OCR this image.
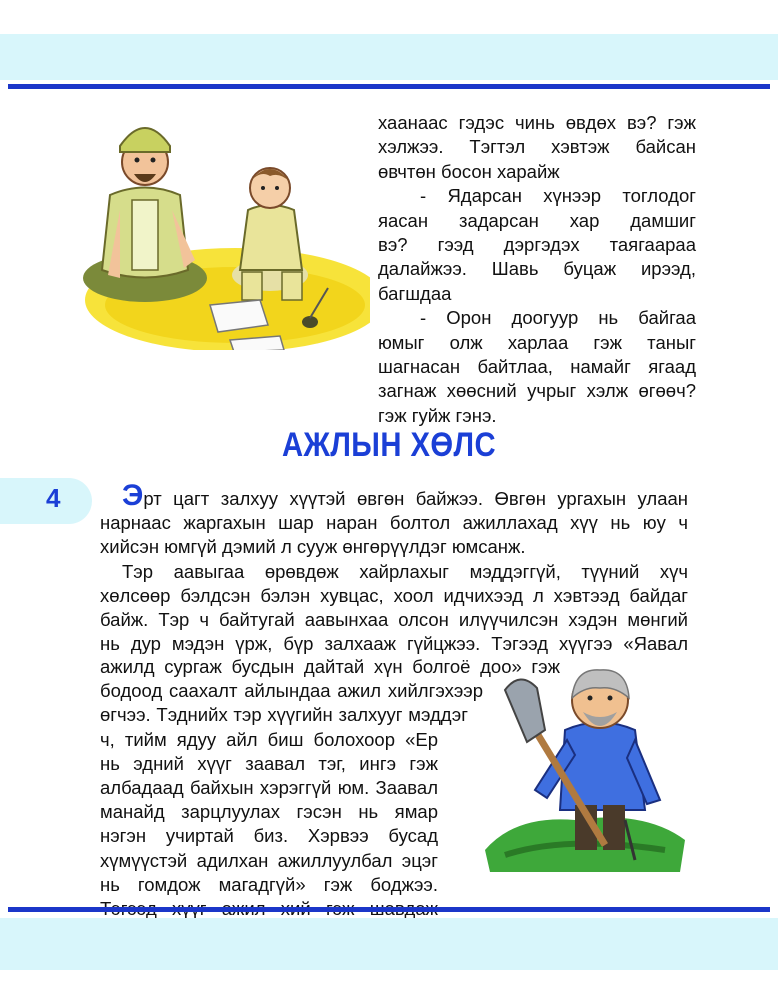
хаанаас гэдэс чинь өвдөх вэ? гэж
хэлжээ. Тэгтэл хэвтэж байсан
өвчтөн босон харайж
- Ядарсан хүнээр тоглодог
яасан задарсан хар дамшиг
вэ? гээд дэргэдэх таягаараа
далайжээ. Шавь буцаж ирээд,
багшдаа
- Орон доогуур нь байгаа
юмыг олж харлаа гэж таныг
шагнасан байтлаа, намайг ягаад
загнаж хөөсний учрыг хэлж өгөөч?
гэж гуйж гэнэ.
АЖЛЫН ХӨЛС
4 Эрт цагт залхуу хүүтэй өвгөн байжээ. Өвгөн ургахын улаан
нарнаас жаргахын шар наран болтол ажиллахад хүү нь юу ч
хийсэн юмгүй дэмий л сууж өнгөрүүлдэг юмсанж.
Тэр аавыгаа өрөвдөж хайрлахыг мэддэггүй, түүний хүч
хөлсөөр бэлдсэн бэлэн хувцас, хоол идчихээд л хэвтээд байдаг
байж. Тэр ч байтугай аавынхаа олсон илүүчилсэн хэдэн мөнгий
нь дур мэдэн үрж, бүр залхааж гүйцжээ. Тэгээд хүүгээ «Яавал
ажилд сургаж бусдын дайтай хүн болгоё доо» гэж
бодоод саахалт айлындаа ажил хийлгэхээр
өгчээ. Тэднийх тэр хүүгийн залхууг мэддэг
ч, тийм ядуу айл биш болохоор «Ер
нь эдний хүүг заавал тэг, ингэ гэж
албадаад байхын хэрэггүй юм. Заавал
манайд зарцлуулах гэсэн нь ямар
нэгэн учиртай биз. Хэрвээ бусад
хүмүүстэй адилхан ажиллуулбал эцэг
нь гомдож магадгүй» гэж боджээ.
